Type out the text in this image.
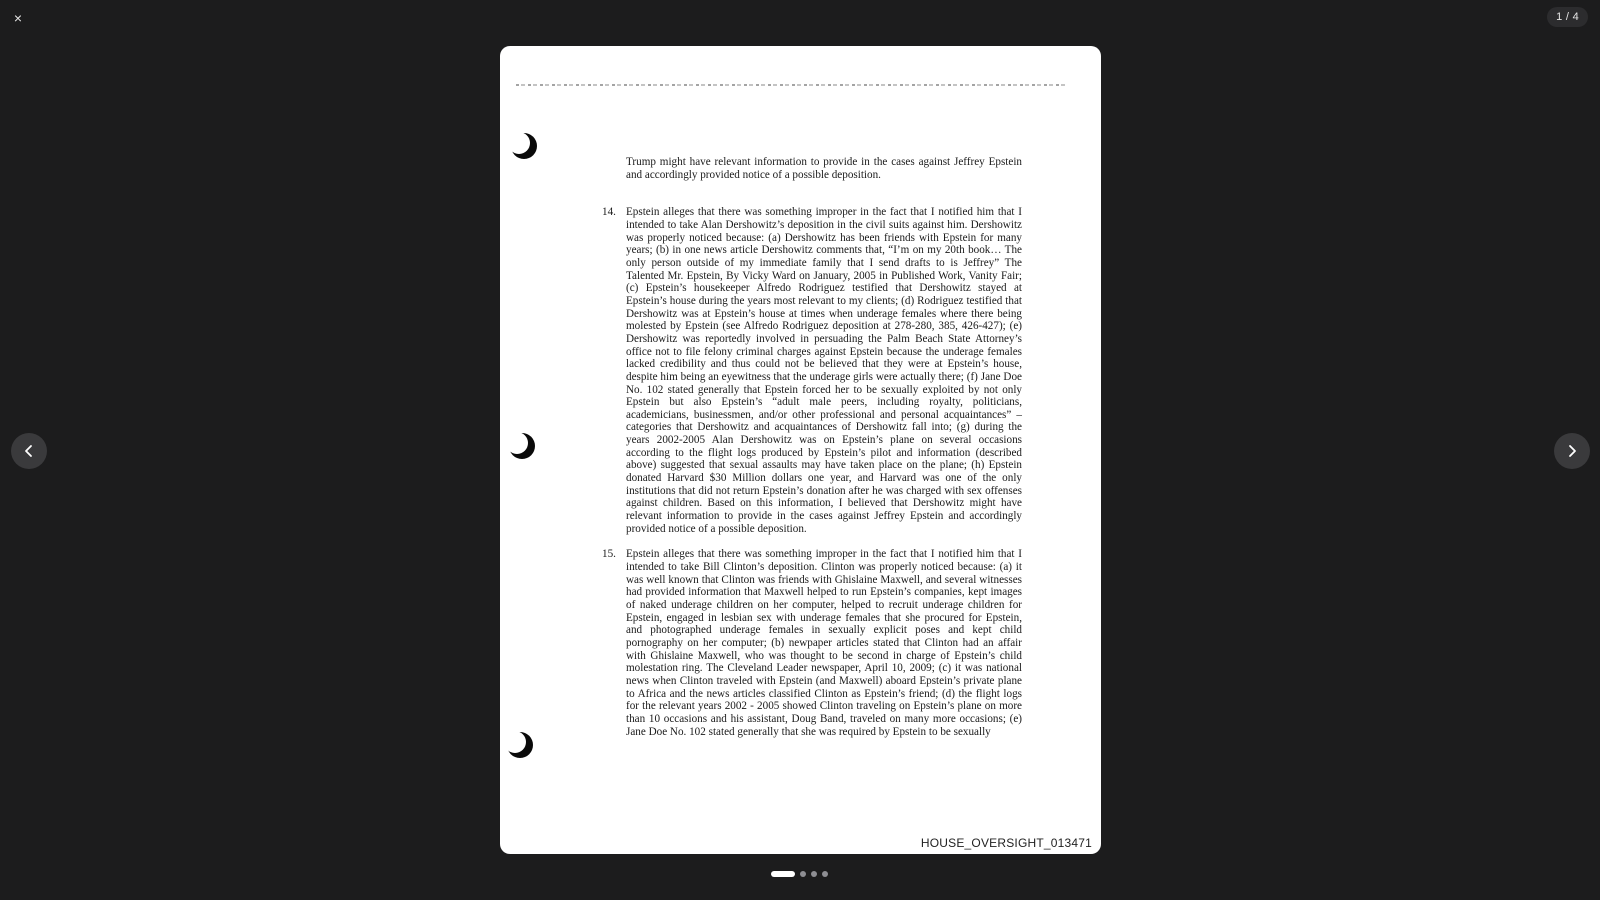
×	1 / 4

Trump might have relevant information to provide in the cases against Jeffrey Epstein and accordingly provided notice of a possible deposition.

14. Epstein alleges that there was something improper in the fact that I notified him that I intended to take Alan Dershowitz’s deposition in the civil suits against him. Dershowitz was properly noticed because: (a) Dershowitz has been friends with Epstein for many years; (b) in one news article Dershowitz comments that, “I’m on my 20th book… The only person outside of my immediate family that I send drafts to is Jeffrey” The Talented Mr. Epstein, By Vicky Ward on January, 2005 in Published Work, Vanity Fair; (c) Epstein’s housekeeper Alfredo Rodriguez testified that Dershowitz stayed at Epstein’s house during the years most relevant to my clients; (d) Rodriguez testified that Dershowitz was at Epstein’s house at times when underage females where there being molested by Epstein (see Alfredo Rodriguez deposition at 278-280, 385, 426-427); (e) Dershowitz was reportedly involved in persuading the Palm Beach State Attorney’s office not to file felony criminal charges against Epstein because the underage females lacked credibility and thus could not be believed that they were at Epstein’s house, despite him being an eyewitness that the underage girls were actually there; (f) Jane Doe No. 102 stated generally that Epstein forced her to be sexually exploited by not only Epstein but also Epstein’s “adult male peers, including royalty, politicians, academicians, businessmen, and/or other professional and personal acquaintances” – categories that Dershowitz and acquaintances of Dershowitz fall into; (g) during the years 2002-2005 Alan Dershowitz was on Epstein’s plane on several occasions according to the flight logs produced by Epstein’s pilot and information (described above) suggested that sexual assaults may have taken place on the plane; (h) Epstein donated Harvard $30 Million dollars one year, and Harvard was one of the only institutions that did not return Epstein’s donation after he was charged with sex offenses against children. Based on this information, I believed that Dershowitz might have relevant information to provide in the cases against Jeffrey Epstein and accordingly provided notice of a possible deposition.

15. Epstein alleges that there was something improper in the fact that I notified him that I intended to take Bill Clinton’s deposition. Clinton was properly noticed because: (a) it was well known that Clinton was friends with Ghislaine Maxwell, and several witnesses had provided information that Maxwell helped to run Epstein’s companies, kept images of naked underage children on her computer, helped to recruit underage children for Epstein, engaged in lesbian sex with underage females that she procured for Epstein, and photographed underage females in sexually explicit poses and kept child pornography on her computer; (b) newpaper articles stated that Clinton had an affair with Ghislaine Maxwell, who was thought to be second in charge of Epstein’s child molestation ring. The Cleveland Leader newspaper, April 10, 2009; (c) it was national news when Clinton traveled with Epstein (and Maxwell) aboard Epstein’s private plane to Africa and the news articles classified Clinton as Epstein’s friend; (d) the flight logs for the relevant years 2002 - 2005 showed Clinton traveling on Epstein’s plane on more than 10 occasions and his assistant, Doug Band, traveled on many more occasions; (e) Jane Doe No. 102 stated generally that she was required by Epstein to be sexually

HOUSE_OVERSIGHT_013471
